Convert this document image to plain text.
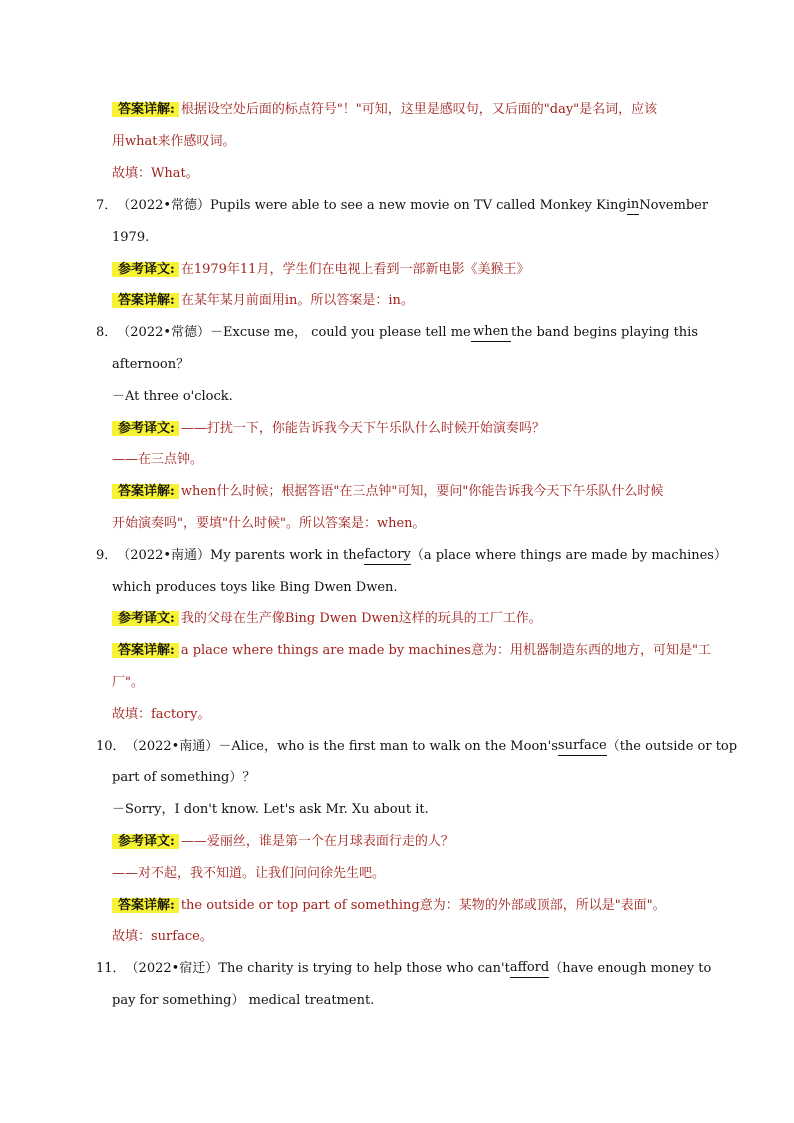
答案详解: 根据设空处后面的标点符号"！"可知，这里是感叹句，又后面的"day"是名词，应该
用what来作感叹词。
故填：What。
7．（2022•常德）Pupils were able to see a new movie on TV called Monkey King in November
1979.
参考译文: 在1979年11月，学生们在电视上看到一部新电影《美猴王》
答案详解: 在某年某月前面用in。所以答案是：in。
8．（2022•常德）－Excuse me， could you please tell me when the band begins playing this
afternoon？
－At three o'clock.
参考译文: ——打扰一下，你能告诉我今天下午乐队什么时候开始演奏吗？
——在三点钟。
答案详解: when什么时候；根据答语"在三点钟"可知，要问"你能告诉我今天下午乐队什么时候
开始演奏吗"，要填"什么时候"。所以答案是：when。
9．（2022•南通）My parents work in the factory （a place where things are made by machines）
which produces toys like Bing Dwen Dwen.
参考译文: 我的父母在生产像Bing Dwen Dwen这样的玩具的工厂工作。
答案详解: a place where things are made by machines意为：用机器制造东西的地方，可知是"工
厂"。
故填：factory。
10．（2022•南通）－Alice，who is the first man to walk on the Moon's surface （the outside or top
part of something）？
－Sorry，I don't know. Let's ask Mr. Xu about it.
参考译文: ——爱丽丝，谁是第一个在月球表面行走的人？
——对不起，我不知道。让我们问问徐先生吧。
答案详解: the outside or top part of something意为：某物的外部或顶部，所以是"表面"。
故填：surface。
11．（2022•宿迁）The charity is trying to help those who can't afford （have enough money to
pay for something） medical treatment.
